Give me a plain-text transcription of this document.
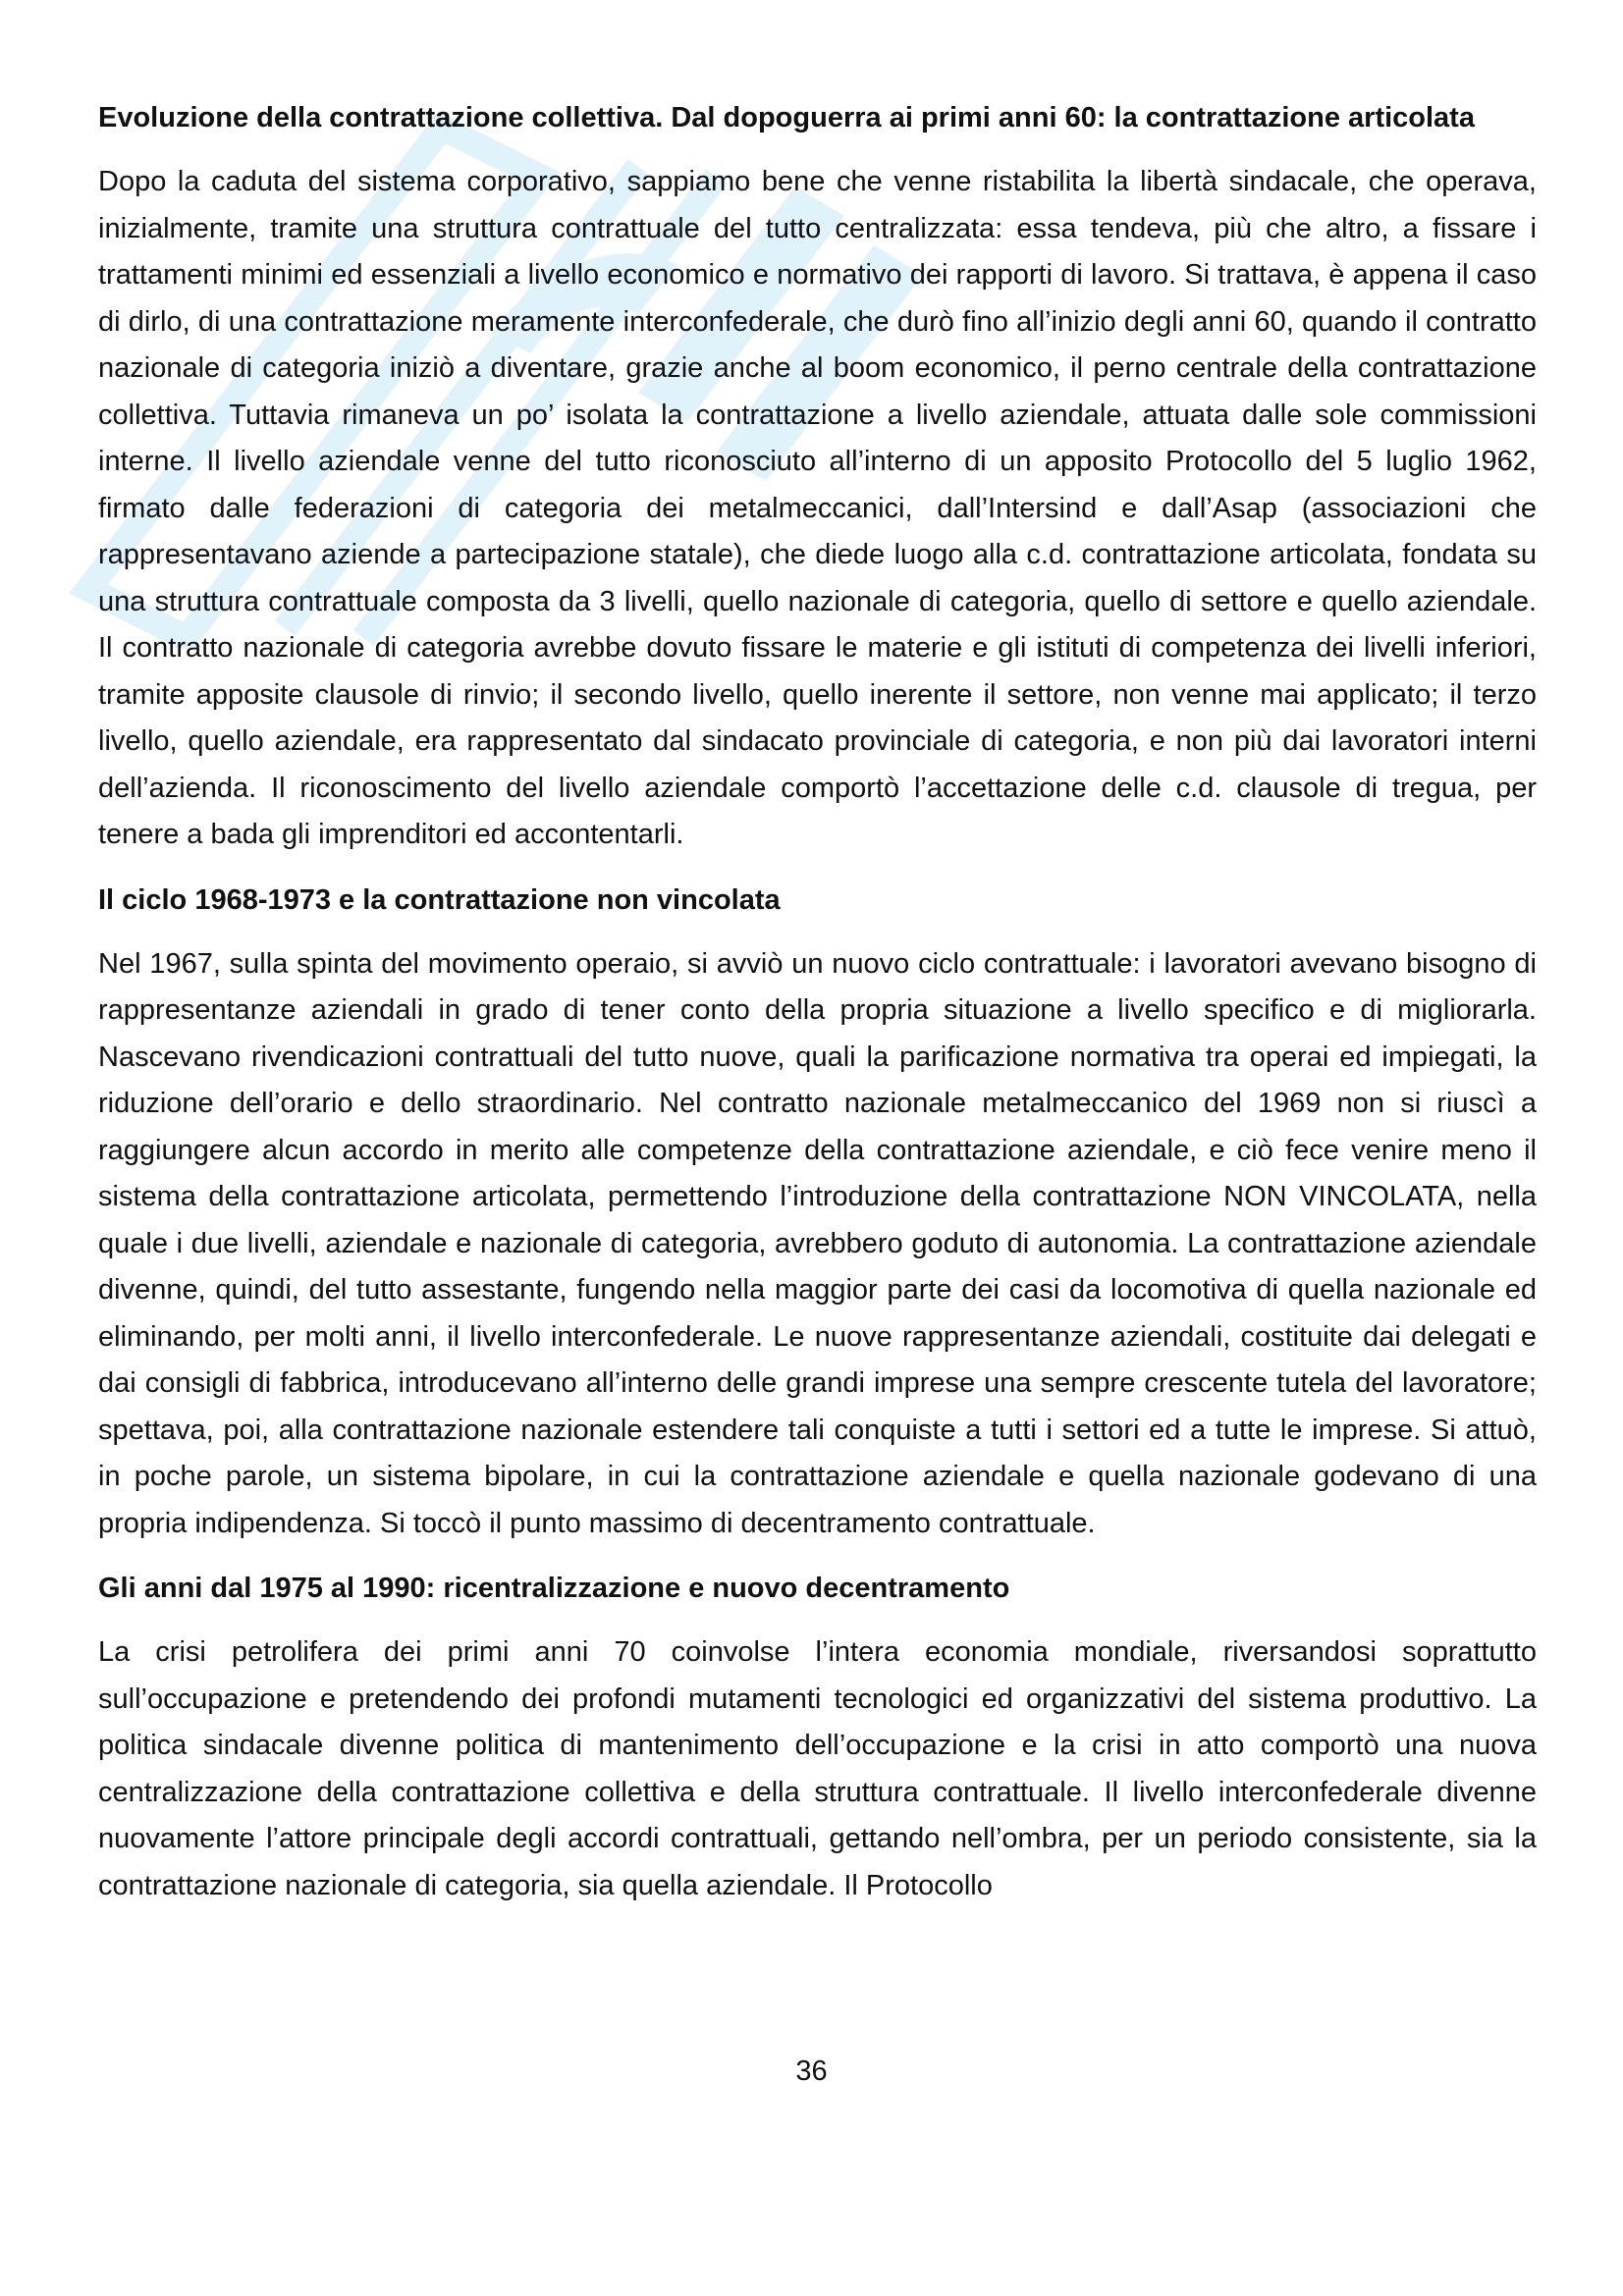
Evoluzione della contrattazione collettiva. Dal dopoguerra ai primi anni 60: la contrattazione articolata

Dopo la caduta del sistema corporativo, sappiamo bene che venne ristabilita la libertà sindacale, che operava, inizialmente, tramite una struttura contrattuale del tutto centralizzata: essa tendeva, più che altro, a fissare i trattamenti minimi ed essenziali a livello economico e normativo dei rapporti di lavoro. Si trattava, è appena il caso di dirlo, di una contrattazione meramente interconfederale, che durò fino all’inizio degli anni 60, quando il contratto nazionale di categoria iniziò a diventare, grazie anche al boom economico, il perno centrale della contrattazione collettiva. Tuttavia rimaneva un po’ isolata la contrattazione a livello aziendale, attuata dalle sole commissioni interne. Il livello aziendale venne del tutto riconosciuto all’interno di un apposito Protocollo del 5 luglio 1962, firmato dalle federazioni di categoria dei metalmeccanici, dall’Intersind e dall’Asap (associazioni che rappresentavano aziende a partecipazione statale), che diede luogo alla c.d. contrattazione articolata, fondata su una struttura contrattuale composta da 3 livelli, quello nazionale di categoria, quello di settore e quello aziendale. Il contratto nazionale di categoria avrebbe dovuto fissare le materie e gli istituti di competenza dei livelli inferiori, tramite apposite clausole di rinvio; il secondo livello, quello inerente il settore, non venne mai applicato; il terzo livello, quello aziendale, era rappresentato dal sindacato provinciale di categoria, e non più dai lavoratori interni dell’azienda. Il riconoscimento del livello aziendale comportò l’accettazione delle c.d. clausole di tregua, per tenere a bada gli imprenditori ed accontentarli.

Il ciclo 1968-1973 e la contrattazione non vincolata

Nel 1967, sulla spinta del movimento operaio, si avviò un nuovo ciclo contrattuale: i lavoratori avevano bisogno di rappresentanze aziendali in grado di tener conto della propria situazione a livello specifico e di migliorarla. Nascevano rivendicazioni contrattuali del tutto nuove, quali la parificazione normativa tra operai ed impiegati, la riduzione dell’orario e dello straordinario. Nel contratto nazionale metalmeccanico del 1969 non si riuscì a raggiungere alcun accordo in merito alle competenze della contrattazione aziendale, e ciò fece venire meno il sistema della contrattazione articolata, permettendo l’introduzione della contrattazione NON VINCOLATA, nella quale i due livelli, aziendale e nazionale di categoria, avrebbero goduto di autonomia. La contrattazione aziendale divenne, quindi, del tutto assestante, fungendo nella maggior parte dei casi da locomotiva di quella nazionale ed eliminando, per molti anni, il livello interconfederale. Le nuove rappresentanze aziendali, costituite dai delegati e dai consigli di fabbrica, introducevano all’interno delle grandi imprese una sempre crescente tutela del lavoratore; spettava, poi, alla contrattazione nazionale estendere tali conquiste a tutti i settori ed a tutte le imprese. Si attuò, in poche parole, un sistema bipolare, in cui la contrattazione aziendale e quella nazionale godevano di una propria indipendenza. Si toccò il punto massimo di decentramento contrattuale.

Gli anni dal 1975 al 1990: ricentralizzazione e nuovo decentramento

La crisi petrolifera dei primi anni 70 coinvolse l’intera economia mondiale, riversandosi soprattutto sull’occupazione e pretendendo dei profondi mutamenti tecnologici ed organizzativi del sistema produttivo. La politica sindacale divenne politica di mantenimento dell’occupazione e la crisi in atto comportò una nuova centralizzazione della contrattazione collettiva e della struttura contrattuale. Il livello interconfederale divenne nuovamente l’attore principale degli accordi contrattuali, gettando nell’ombra, per un periodo consistente, sia la contrattazione nazionale di categoria, sia quella aziendale. Il Protocollo

36
